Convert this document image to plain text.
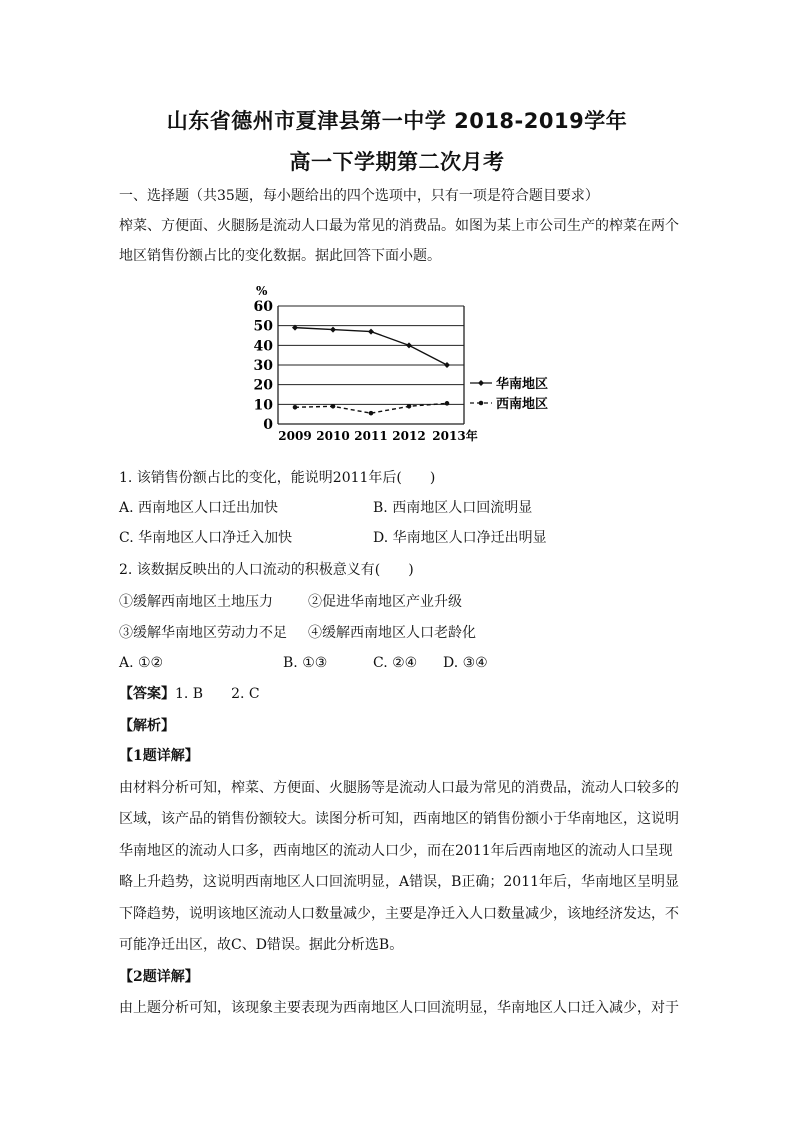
山东省德州市夏津县第一中学 2018-2019学年
高一下学期第二次月考
一、选择题（共35题，每小题给出的四个选项中，只有一项是符合题目要求）
榨菜、方便面、火腿肠是流动人口最为常见的消费品。如图为某上市公司生产的榨菜在两个
地区销售份额占比的变化数据。据此回答下面小题。
%
0
10
20
30
40
50
60
2009 2010 2011 2012 2013年
华南地区
西南地区
1. 该销售份额占比的变化，能说明2011年后(　　)
A. 西南地区人口迁出加快	B. 西南地区人口回流明显
C. 华南地区人口净迁入加快	D. 华南地区人口净迁出明显
2. 该数据反映出的人口流动的积极意义有(　　)
①缓解西南地区土地压力	②促进华南地区产业升级
③缓解华南地区劳动力不足 ④缓解西南地区人口老龄化
A. ①②	B. ①③	C. ②④ D. ③④
【答案】1. B　　2. C
【解析】
【1题详解】
由材料分析可知，榨菜、方便面、火腿肠等是流动人口最为常见的消费品，流动人口较多的
区域，该产品的销售份额较大。读图分析可知，西南地区的销售份额小于华南地区，这说明
华南地区的流动人口多，西南地区的流动人口少，而在2011年后西南地区的流动人口呈现
略上升趋势，这说明西南地区人口回流明显，A错误，B正确；2011年后，华南地区呈明显
下降趋势，说明该地区流动人口数量减少，主要是净迁入人口数量减少，该地经济发达，不
可能净迁出区，故C、D错误。据此分析选B。
【2题详解】
由上题分析可知，该现象主要表现为西南地区人口回流明显，华南地区人口迁入减少，对于
